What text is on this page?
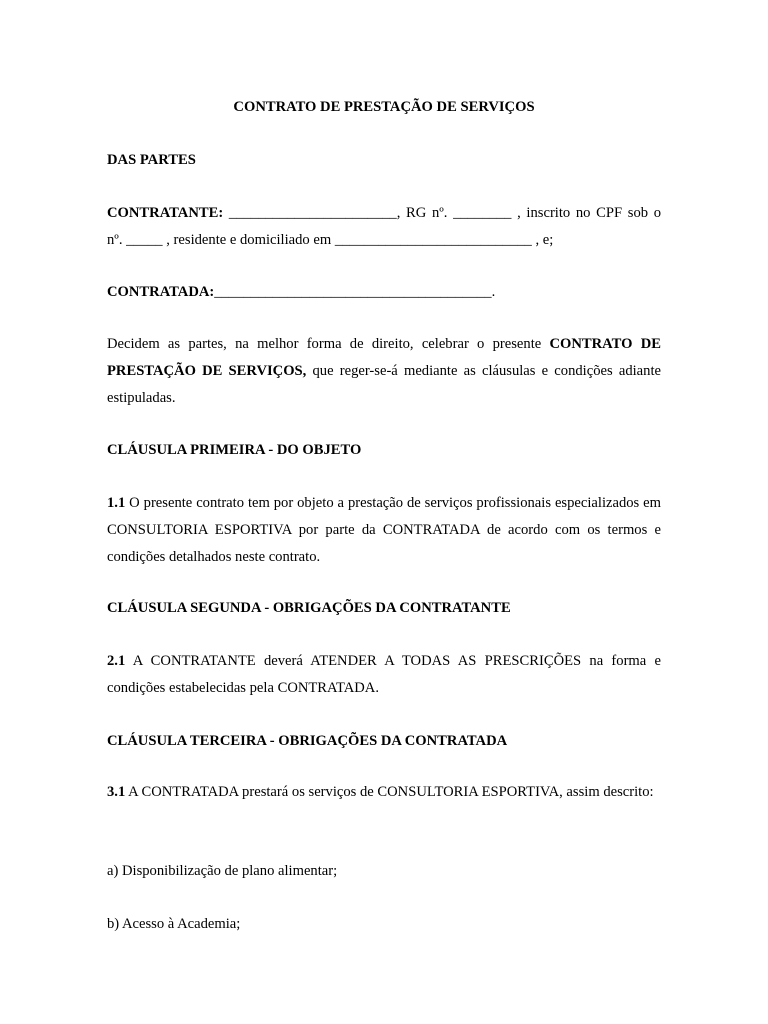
CONTRATO DE PRESTAÇÃO DE SERVIÇOS

DAS PARTES

CONTRATANTE: _______________________, RG nº. ________ , inscrito no CPF sob o
nº. _____ , residente e domiciliado em ___________________________ , e;

CONTRATADA:______________________________________.

Decidem as partes, na melhor forma de direito, celebrar o presente CONTRATO DE PRESTAÇÃO DE SERVIÇOS, que reger-se-á mediante as cláusulas e condições adiante estipuladas.

CLÁUSULA PRIMEIRA - DO OBJETO

1.1 O presente contrato tem por objeto a prestação de serviços profissionais especializados em CONSULTORIA ESPORTIVA por parte da CONTRATADA de acordo com os termos e condições detalhados neste contrato.

CLÁUSULA SEGUNDA - OBRIGAÇÕES DA CONTRATANTE

2.1 A CONTRATANTE deverá ATENDER A TODAS AS PRESCRIÇÕES na forma e condições estabelecidas pela CONTRATADA.

CLÁUSULA TERCEIRA - OBRIGAÇÕES DA CONTRATADA

3.1 A CONTRATADA prestará os serviços de CONSULTORIA ESPORTIVA, assim descrito:

a) Disponibilização de plano alimentar;

b) Acesso à Academia;
